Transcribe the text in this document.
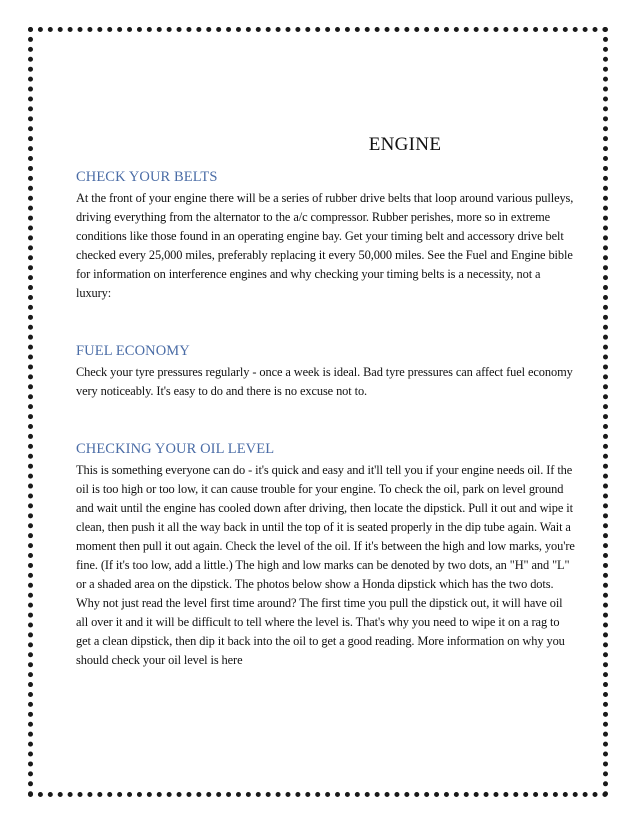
ENGINE
CHECK YOUR BELTS

At the front of your engine there will be a series of rubber drive belts that loop around various pulleys, driving everything from the alternator to the a/c compressor. Rubber perishes, more so in extreme conditions like those found in an operating engine bay. Get your timing belt and accessory drive belt checked every 25,000 miles, preferably replacing it every 50,000 miles. See the Fuel and Engine bible for information on interference engines and why checking your timing belts is a necessity, not a luxury:

FUEL ECONOMY

Check your tyre pressures regularly - once a week is ideal. Bad tyre pressures can affect fuel economy very noticeably. It's easy to do and there is no excuse not to.

CHECKING YOUR OIL LEVEL

This is something everyone can do - it's quick and easy and it'll tell you if your engine needs oil. If the oil is too high or too low, it can cause trouble for your engine. To check the oil, park on level ground and wait until the engine has cooled down after driving, then locate the dipstick. Pull it out and wipe it clean, then push it all the way back in until the top of it is seated properly in the dip tube again. Wait a moment then pull it out again. Check the level of the oil. If it's between the high and low marks, you're fine. (If it's too low, add a little.) The high and low marks can be denoted by two dots, an "H" and "L" or a shaded area on the dipstick. The photos below show a Honda dipstick which has the two dots. Why not just read the level first time around? The first time you pull the dipstick out, it will have oil all over it and it will be difficult to tell where the level is. That's why you need to wipe it on a rag to get a clean dipstick, then dip it back into the oil to get a good reading. More information on why you should check your oil level is here
